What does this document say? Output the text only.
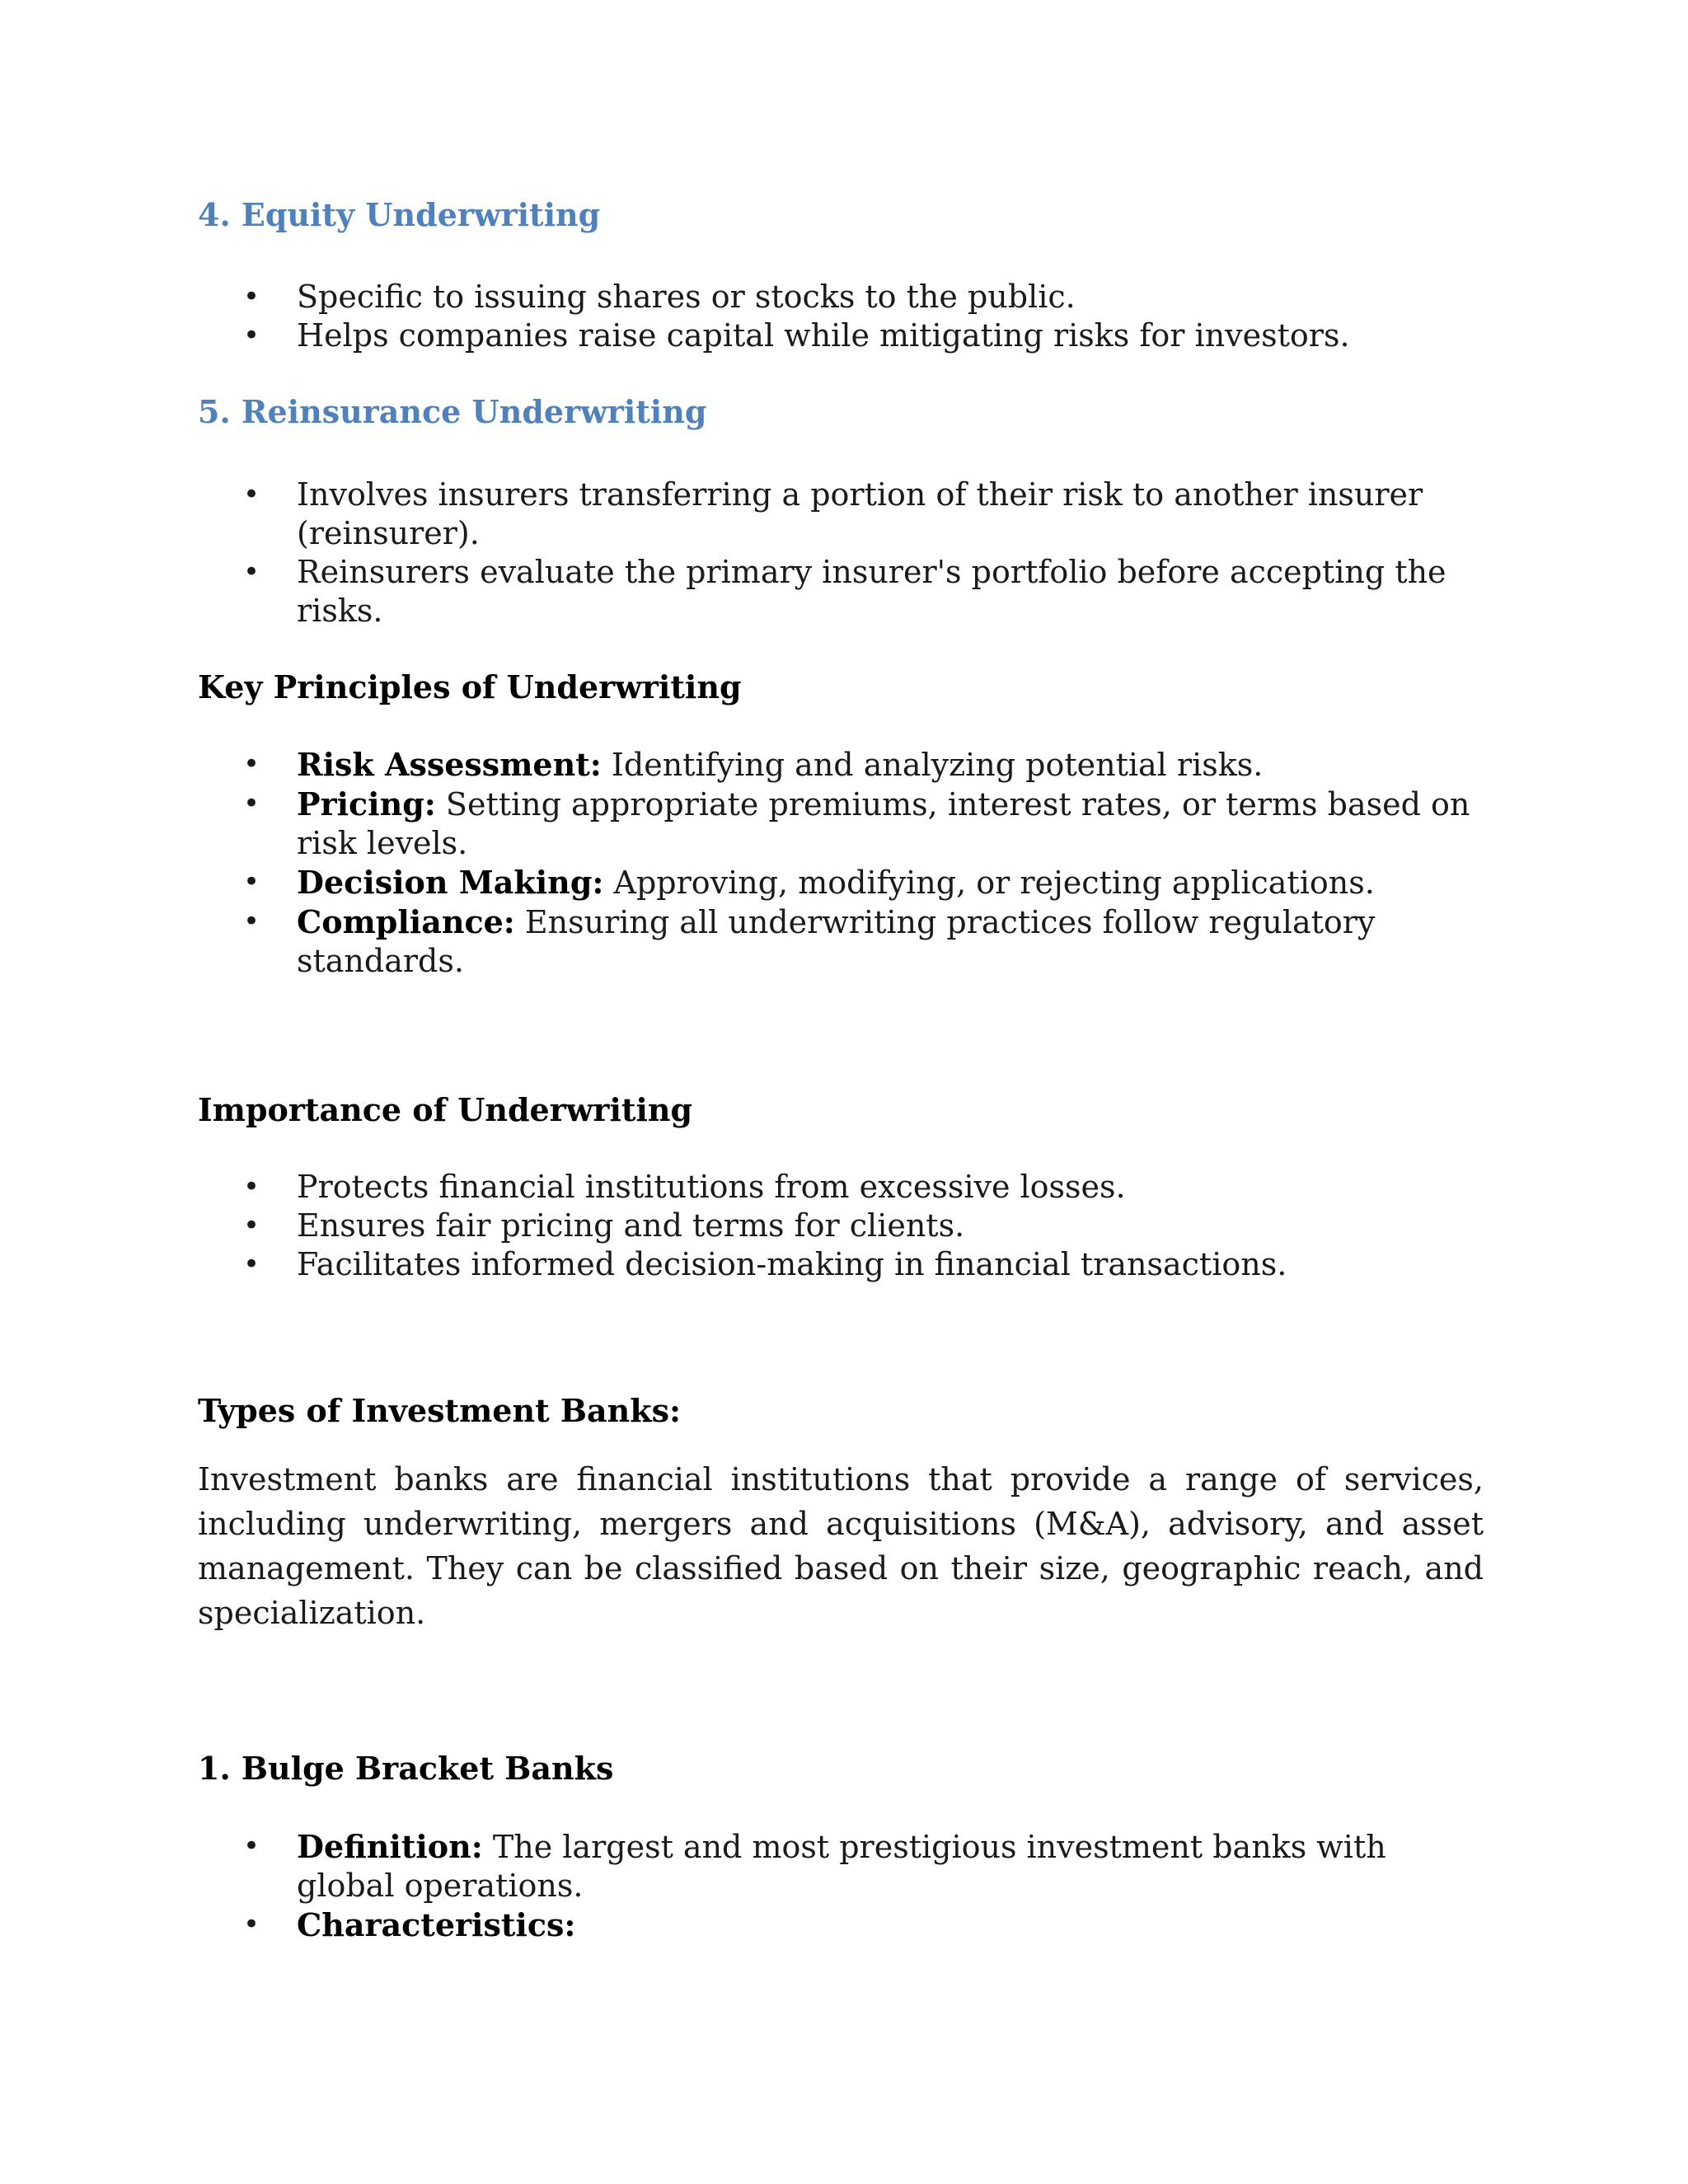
4. Equity Underwriting

• Specific to issuing shares or stocks to the public.
• Helps companies raise capital while mitigating risks for investors.

5. Reinsurance Underwriting

• Involves insurers transferring a portion of their risk to another insurer (reinsurer).
• Reinsurers evaluate the primary insurer's portfolio before accepting the risks.

Key Principles of Underwriting

• Risk Assessment: Identifying and analyzing potential risks.
• Pricing: Setting appropriate premiums, interest rates, or terms based on risk levels.
• Decision Making: Approving, modifying, or rejecting applications.
• Compliance: Ensuring all underwriting practices follow regulatory standards.

Importance of Underwriting

• Protects financial institutions from excessive losses.
• Ensures fair pricing and terms for clients.
• Facilitates informed decision-making in financial transactions.

Types of Investment Banks:

Investment banks are financial institutions that provide a range of services, including underwriting, mergers and acquisitions (M&A), advisory, and asset management. They can be classified based on their size, geographic reach, and specialization.

1. Bulge Bracket Banks

• Definition: The largest and most prestigious investment banks with global operations.
• Characteristics:
